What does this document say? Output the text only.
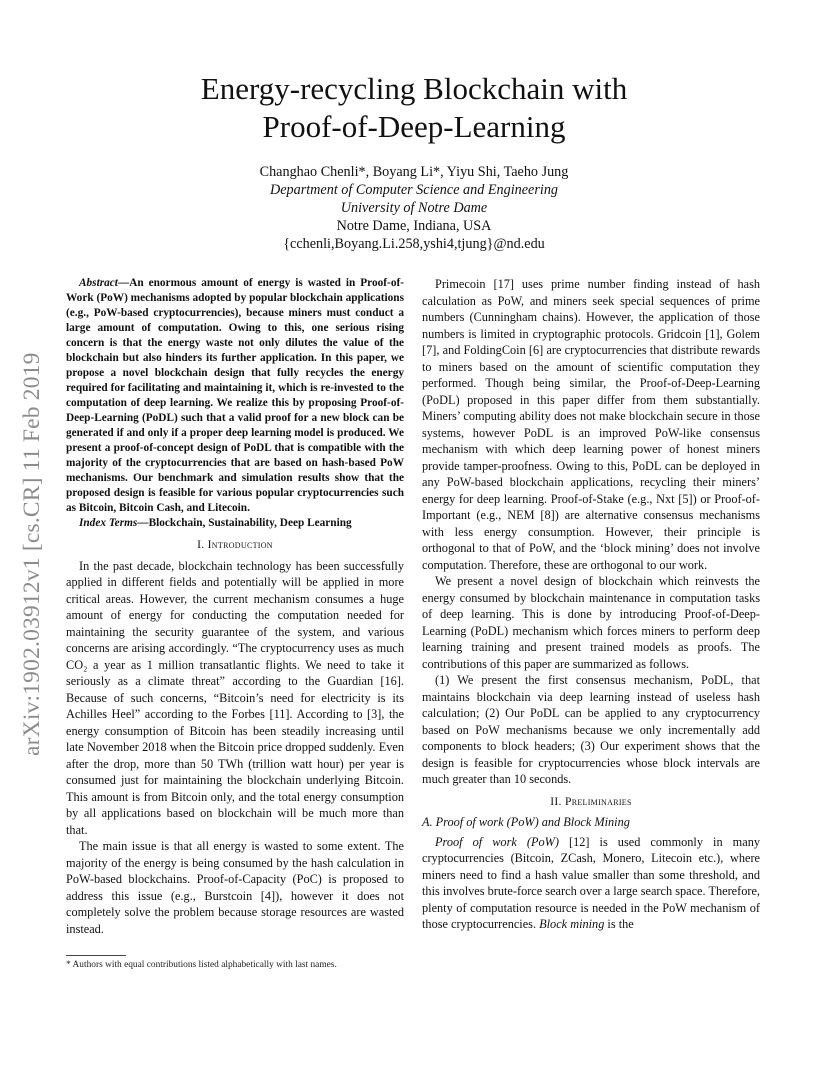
arXiv:1902.03912v1 [cs.CR] 11 Feb 2019
Energy-recycling Blockchain with
Proof-of-Deep-Learning
Changhao Chenli*, Boyang Li*, Yiyu Shi, Taeho Jung
Department of Computer Science and Engineering
University of Notre Dame
Notre Dame, Indiana, USA
{cchenli,Boyang.Li.258,yshi4,tjung}@nd.edu

Abstract—An enormous amount of energy is wasted in Proof-of-Work (PoW) mechanisms adopted by popular blockchain applications (e.g., PoW-based cryptocurrencies), because miners must conduct a large amount of computation. Owing to this, one serious rising concern is that the energy waste not only dilutes the value of the blockchain but also hinders its further application. In this paper, we propose a novel blockchain design that fully recycles the energy required for facilitating and maintaining it, which is re-invested to the computation of deep learning. We realize this by proposing Proof-of-Deep-Learning (PoDL) such that a valid proof for a new block can be generated if and only if a proper deep learning model is produced. We present a proof-of-concept design of PoDL that is compatible with the majority of the cryptocurrencies that are based on hash-based PoW mechanisms. Our benchmark and simulation results show that the proposed design is feasible for various popular cryptocurrencies such as Bitcoin, Bitcoin Cash, and Litecoin.

Index Terms—Blockchain, Sustainability, Deep Learning

I. Introduction

In the past decade, blockchain technology has been successfully applied in different fields and potentially will be applied in more critical areas. However, the current mechanism consumes a huge amount of energy for conducting the computation needed for maintaining the security guarantee of the system, and various concerns are arising accordingly. “The cryptocurrency uses as much CO₂ a year as 1 million transatlantic flights. We need to take it seriously as a climate threat” according to the Guardian [16]. Because of such concerns, “Bitcoin’s need for electricity is its Achilles Heel” according to the Forbes [11]. According to [3], the energy consumption of Bitcoin has been steadily increasing until late November 2018 when the Bitcoin price dropped suddenly. Even after the drop, more than 50 TWh (trillion watt hour) per year is consumed just for maintaining the blockchain underlying Bitcoin. This amount is from Bitcoin only, and the total energy consumption by all applications based on blockchain will be much more than that.

The main issue is that all energy is wasted to some extent. The majority of the energy is being consumed by the hash calculation in PoW-based blockchains. Proof-of-Capacity (PoC) is proposed to address this issue (e.g., Burstcoin [4]), however it does not completely solve the problem because storage resources are wasted instead.

Primecoin [17] uses prime number finding instead of hash calculation as PoW, and miners seek special sequences of prime numbers (Cunningham chains). However, the application of those numbers is limited in cryptographic protocols. Gridcoin [1], Golem [7], and FoldingCoin [6] are cryptocurrencies that distribute rewards to miners based on the amount of scientific computation they performed. Though being similar, the Proof-of-Deep-Learning (PoDL) proposed in this paper differ from them substantially. Miners’ computing ability does not make blockchain secure in those systems, however PoDL is an improved PoW-like consensus mechanism with which deep learning power of honest miners provide tamper-proofness. Owing to this, PoDL can be deployed in any PoW-based blockchain applications, recycling their miners’ energy for deep learning. Proof-of-Stake (e.g., Nxt [5]) or Proof-of-Important (e.g., NEM [8]) are alternative consensus mechanisms with less energy consumption. However, their principle is orthogonal to that of PoW, and the ‘block mining’ does not involve computation. Therefore, these are orthogonal to our work.

We present a novel design of blockchain which reinvests the energy consumed by blockchain maintenance in computation tasks of deep learning. This is done by introducing Proof-of-Deep-Learning (PoDL) mechanism which forces miners to perform deep learning training and present trained models as proofs. The contributions of this paper are summarized as follows.

(1) We present the first consensus mechanism, PoDL, that maintains blockchain via deep learning instead of useless hash calculation; (2) Our PoDL can be applied to any cryptocurrency based on PoW mechanisms because we only incrementally add components to block headers; (3) Our experiment shows that the design is feasible for cryptocurrencies whose block intervals are much greater than 10 seconds.

II. Preliminaries

A. Proof of work (PoW) and Block Mining

Proof of work (PoW) [12] is used commonly in many cryptocurrencies (Bitcoin, ZCash, Monero, Litecoin etc.), where miners need to find a hash value smaller than some threshold, and this involves brute-force search over a large search space. Therefore, plenty of computation resource is needed in the PoW mechanism of those cryptocurrencies. Block mining is the

* Authors with equal contributions listed alphabetically with last names.
